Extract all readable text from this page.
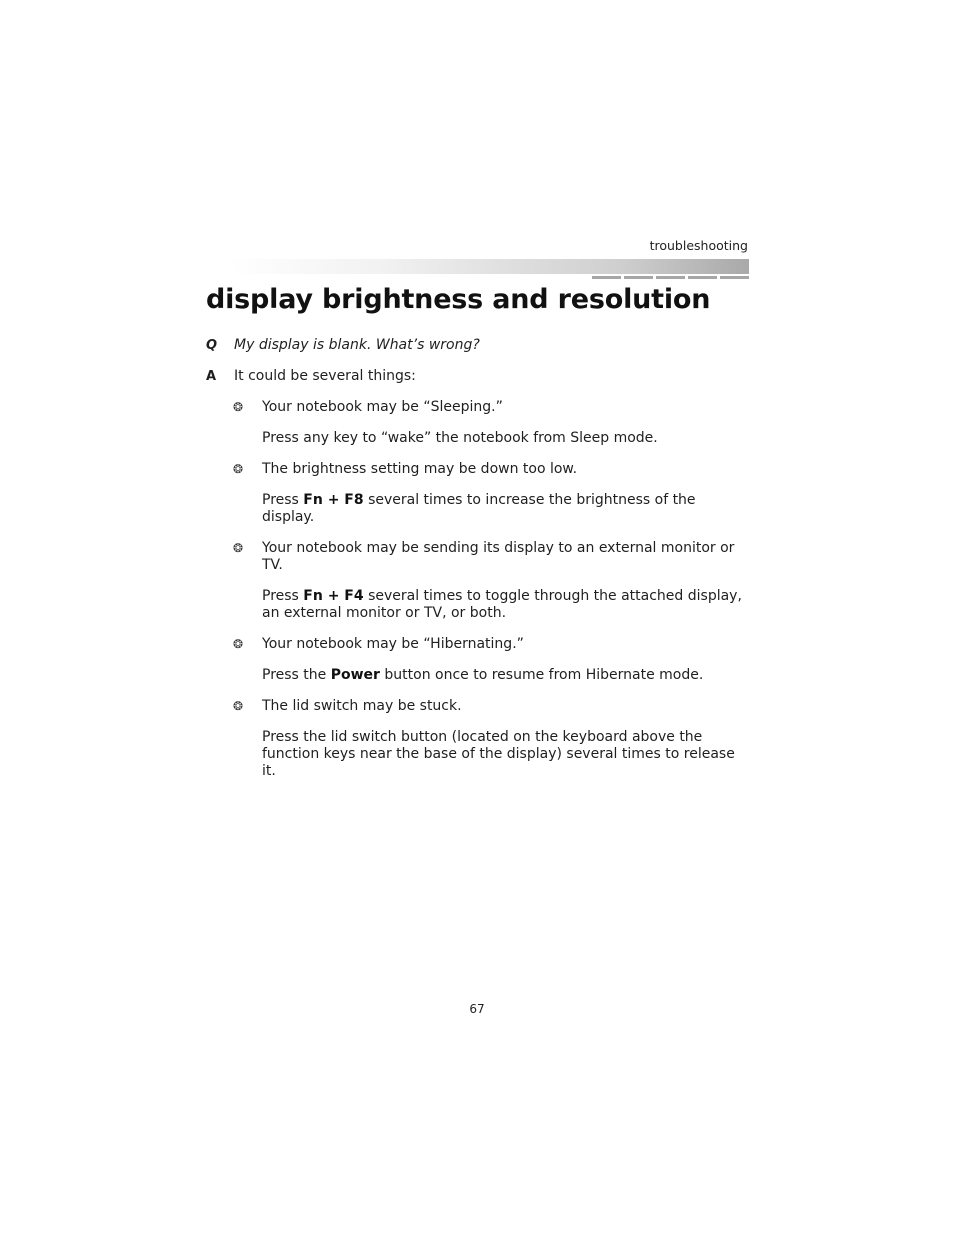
troubleshooting
display brightness and resolution
Q My display is blank. What’s wrong?
A It could be several things:
❂ Your notebook may be “Sleeping.”
Press any key to “wake” the notebook from Sleep mode.
❂ The brightness setting may be down too low.
Press Fn + F8 several times to increase the brightness of the display.
❂ Your notebook may be sending its display to an external monitor or TV.
Press Fn + F4 several times to toggle through the attached display, an external monitor or TV, or both.
❂ Your notebook may be “Hibernating.”
Press the Power button once to resume from Hibernate mode.
❂ The lid switch may be stuck.
Press the lid switch button (located on the keyboard above the function keys near the base of the display) several times to release it.
67
